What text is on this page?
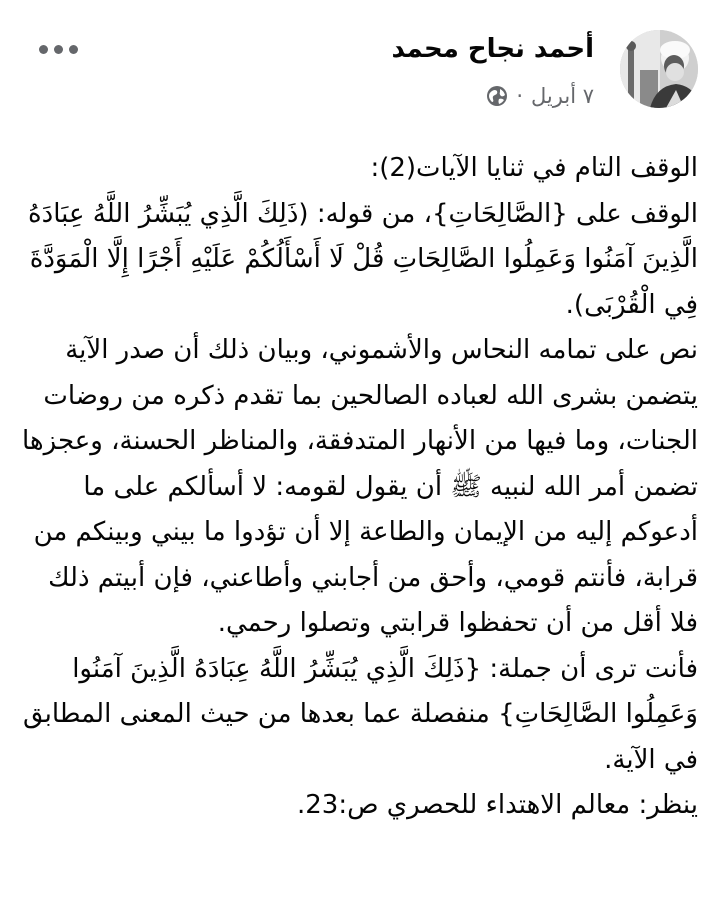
أحمد نجاح محمد
٧ أبريل
·

الوقف التام في ثنايا الآيات(2):

الوقف على {الصَّالِحَاتِ}، من قوله: (ذَلِكَ الَّذِي يُبَشِّرُ اللَّهُ عِبَادَهُ الَّذِينَ آمَنُوا وَعَمِلُوا الصَّالِحَاتِ قُلْ لَا أَسْأَلُكُمْ عَلَيْهِ أَجْرًا إِلَّا الْمَوَدَّةَ فِي الْقُرْبَى).

نص على تمامه النحاس والأشموني، وبيان ذلك أن صدر الآية يتضمن بشرى الله لعباده الصالحين بما تقدم ذكره من روضات الجنات، وما فيها من الأنهار المتدفقة، والمناظر الحسنة، وعجزها تضمن أمر الله لنبيه ﷺ أن يقول لقومه: لا أسألكم على ما أدعوكم إليه من الإيمان والطاعة إلا أن تؤدوا ما بيني وبينكم من قرابة، فأنتم قومي، وأحق من أجابني وأطاعني، فإن أبيتم ذلك فلا أقل من أن تحفظوا قرابتي وتصلوا رحمي.

فأنت ترى أن جملة: {ذَلِكَ الَّذِي يُبَشِّرُ اللَّهُ عِبَادَهُ الَّذِينَ آمَنُوا وَعَمِلُوا الصَّالِحَاتِ} منفصلة عما بعدها من حيث المعنى المطابق في الآية.

ينظر: معالم الاهتداء للحصري ص:23.
